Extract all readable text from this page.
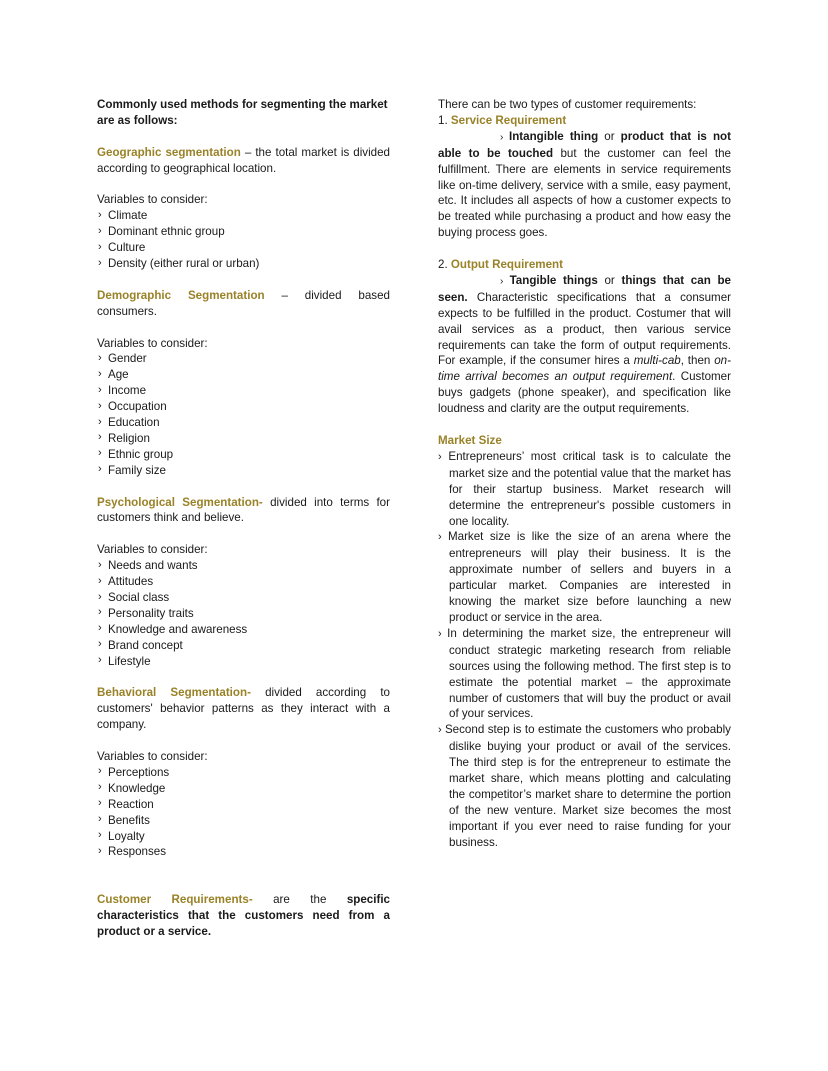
Commonly used methods for segmenting the market are as follows:

Geographic segmentation – the total market is divided according to geographical location.

Variables to consider:

› Climate
› Dominant ethnic group
› Culture
› Density (either rural or urban)

Demographic Segmentation – divided based consumers.

Variables to consider:

› Gender
› Age
› Income
› Occupation
› Education
› Religion
› Ethnic group
› Family size

Psychological Segmentation- divided into terms for customers think and believe.

Variables to consider:

› Needs and wants
› Attitudes
› Social class
› Personality traits
› Knowledge and awareness
› Brand concept
› Lifestyle

Behavioral Segmentation- divided according to customers' behavior patterns as they interact with a company.

Variables to consider:

› Perceptions
› Knowledge
› Reaction
› Benefits
› Loyalty
› Responses

Customer Requirements- are the specific characteristics that the customers need from a product or a service.

There can be two types of customer requirements:

1. Service Requirement

› Intangible thing or product that is not able to be touched but the customer can feel the fulfillment. There are elements in service requirements like on-time delivery, service with a smile, easy payment, etc. It includes all aspects of how a customer expects to be treated while purchasing a product and how easy the buying process goes.

2. Output Requirement

› Tangible things or things that can be seen. Characteristic specifications that a consumer expects to be fulfilled in the product. Costumer that will avail services as a product, then various service requirements can take the form of output requirements. For example, if the consumer hires a multi-cab, then on-time arrival becomes an output requirement. Customer buys gadgets (phone speaker), and specification like loudness and clarity are the output requirements.

Market Size

› Entrepreneurs’ most critical task is to calculate the market size and the potential value that the market has for their startup business. Market research will determine the entrepreneur's possible customers in one locality.

› Market size is like the size of an arena where the entrepreneurs will play their business. It is the approximate number of sellers and buyers in a particular market. Companies are interested in knowing the market size before launching a new product or service in the area.

› In determining the market size, the entrepreneur will conduct strategic marketing research from reliable sources using the following method. The first step is to estimate the potential market – the approximate number of customers that will buy the product or avail of your services.

› Second step is to estimate the customers who probably dislike buying your product or avail of the services. The third step is for the entrepreneur to estimate the market share, which means plotting and calculating the competitor’s market share to determine the portion of the new venture. Market size becomes the most important if you ever need to raise funding for your business.
